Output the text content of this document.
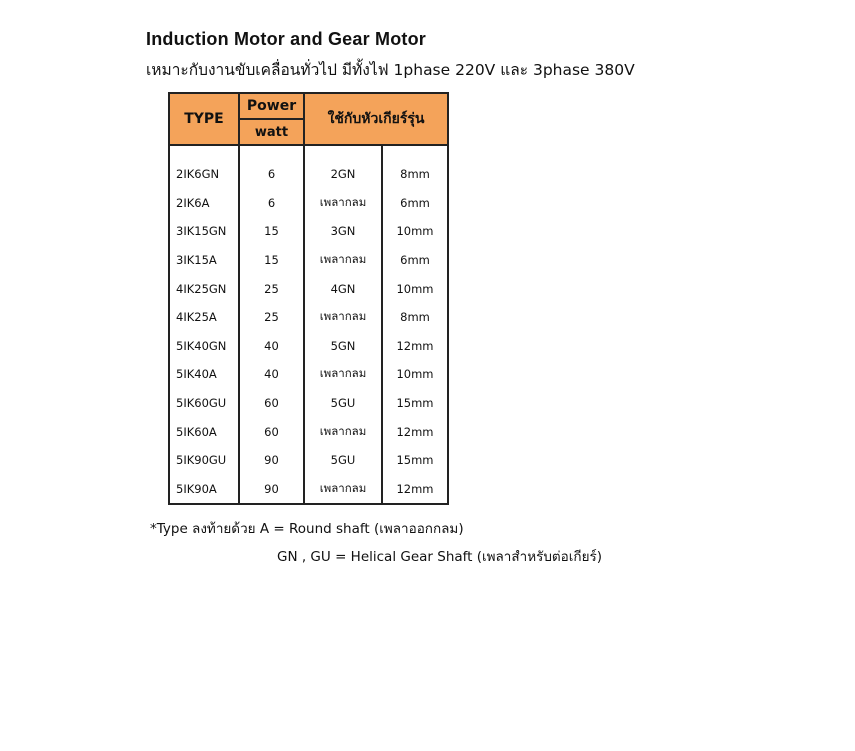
Induction Motor and Gear Motor
เหมาะกับงานขับเคลื่อนทั่วไป มีทั้งไฟ 1phase 220V และ 3phase 380V
TYPE	Power	ใช้กับหัวเกียร์รุ่น	
	watt		

2IK6GN	6	2GN	8mm
2IK6A	6	เพลากลม	6mm
3IK15GN	15	3GN	10mm
3IK15A	15	เพลากลม	6mm
4IK25GN	25	4GN	10mm
4IK25A	25	เพลากลม	8mm
5IK40GN	40	5GN	12mm
5IK40A	40	เพลากลม	10mm
5IK60GU	60	5GU	15mm
5IK60A	60	เพลากลม	12mm
5IK90GU	90	5GU	15mm
5IK90A	90	เพลากลม	12mm
*Type ลงท้ายด้วย A = Round shaft (เพลาออกกลม)
GN , GU = Helical Gear Shaft (เพลาสำหรับต่อเกียร์)
